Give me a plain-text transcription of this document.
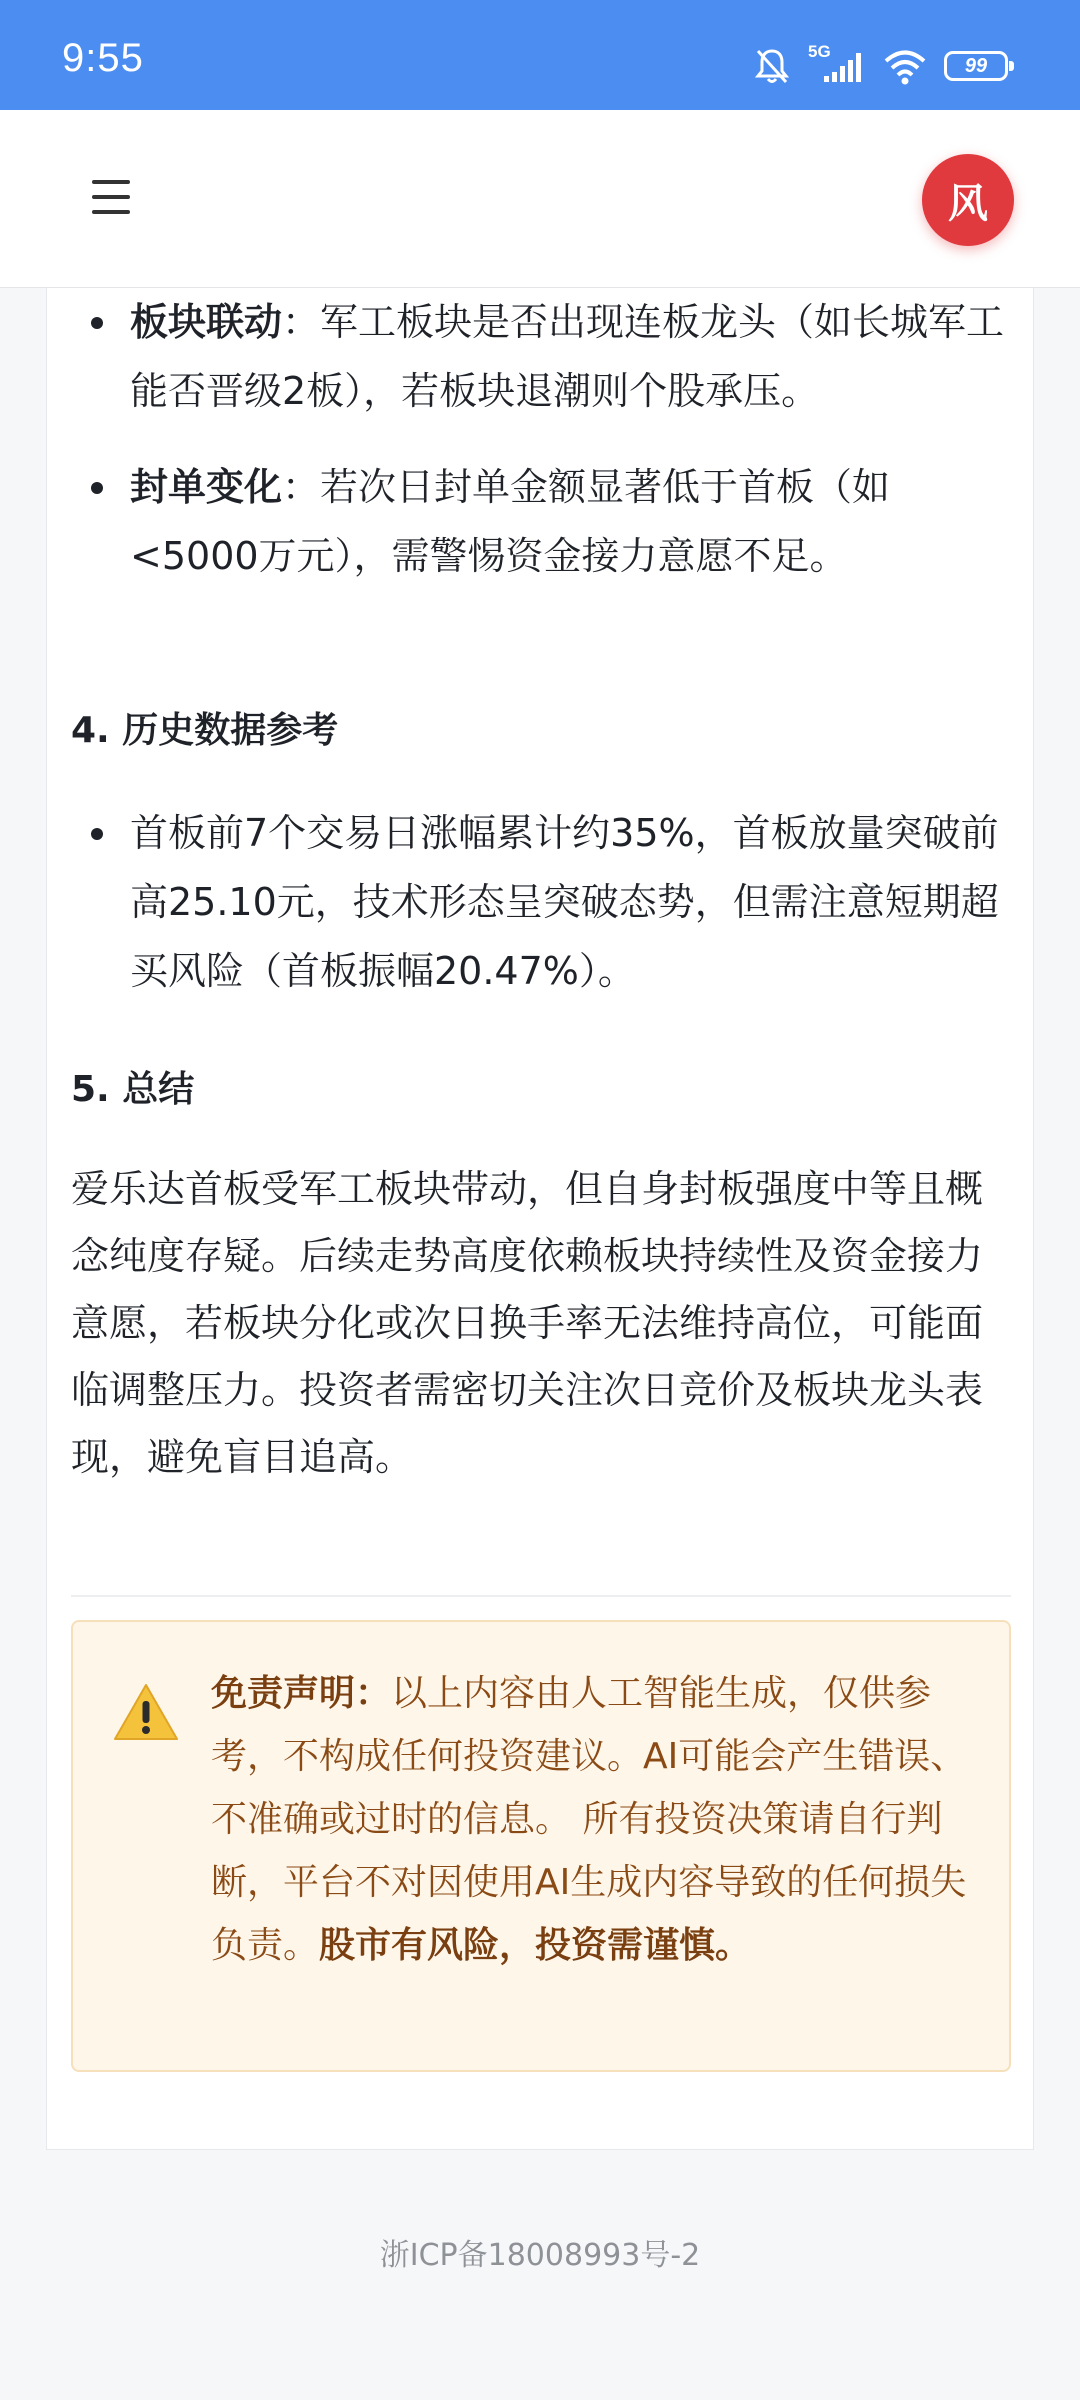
9:55	5G
99
风
板块联动：军工板块是否出现连板龙头（如长城军工能否晋级2板），若板块退潮则个股承压。
封单变化：若次日封单金额显著低于首板（如<5000万元），需警惕资金接力意愿不足。
4. 历史数据参考
首板前7个交易日涨幅累计约35%，首板放量突破前高25.10元，技术形态呈突破态势，但需注意短期超买风险（首板振幅20.47%）。
5. 总结
爱乐达首板受军工板块带动，但自身封板强度中等且概念纯度存疑。后续走势高度依赖板块持续性及资金接力意愿，若板块分化或次日换手率无法维持高位，可能面临调整压力。投资者需密切关注次日竞价及板块龙头表现，避免盲目追高。
免责声明：以上内容由人工智能生成，仅供参考，不构成任何投资建议。AI可能会产生错误、不准确或过时的信息。 所有投资决策请自行判断，平台不对因使用AI生成内容导致的任何损失负责。股市有风险，投资需谨慎。
浙ICP备18008993号-2
